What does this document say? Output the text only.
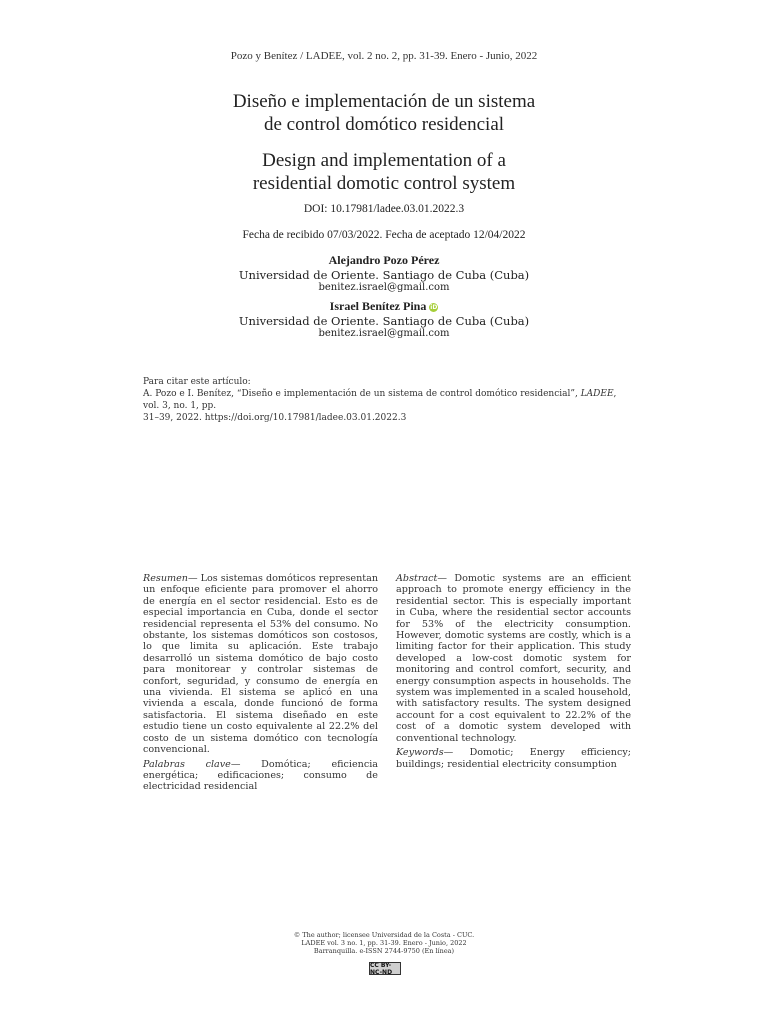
Pozo y Benítez / LADEE, vol. 2 no. 2, pp. 31-39. Enero - Junio, 2022
Diseño e implementación de un sistema
de control domótico residencial
Design and implementation of a
residential domotic control system
DOI: 10.17981/ladee.03.01.2022.3
Fecha de recibido 07/03/2022. Fecha de aceptado 12/04/2022
Alejandro Pozo Pérez
Universidad de Oriente. Santiago de Cuba (Cuba)
benitez.israel@gmail.com
Israel Benítez Pina iD
Universidad de Oriente. Santiago de Cuba (Cuba)
benitez.israel@gmail.com
Para citar este artículo:
A. Pozo e I. Benítez, “Diseño e implementación de un sistema de control domótico residencial”, LADEE, vol. 3, no. 1, pp.
31–39, 2022. https://doi.org/10.17981/ladee.03.01.2022.3

Resumen— Los sistemas domóticos representan un enfoque eficiente para promover el ahorro de energía en el sector residencial. Esto es de especial importancia en Cuba, donde el sector residencial representa el 53% del consumo. No obstante, los sistemas domóticos son costosos, lo que limita su aplicación. Este trabajo desarrolló un sistema domótico de bajo costo para monitorear y controlar sistemas de confort, seguridad, y consumo de energía en una vivienda. El sistema se aplicó en una vivienda a escala, donde funcionó de forma satisfactoria. El sistema diseñado en este estudio tiene un costo equivalente al 22.2% del costo de un sistema domótico con tecnología convencional.

Palabras clave— Domótica; eficiencia energética; edificaciones; consumo de electricidad residencial

Abstract— Domotic systems are an efficient approach to promote energy efficiency in the residential sector. This is especially important in Cuba, where the residential sector accounts for 53% of the electricity consumption. However, domotic systems are costly, which is a limiting factor for their application. This study developed a low-cost domotic system for monitoring and control comfort, security, and energy consumption aspects in households. The system was implemented in a scaled household, with satisfactory results. The system designed account for a cost equivalent to 22.2% of the cost of a domotic system developed with conventional technology.

Keywords— Domotic; Energy efficiency; buildings; residential electricity consumption

© The author; licensee Universidad de la Costa - CUC.
LADEE vol. 3 no. 1, pp. 31-39. Enero - Junio, 2022
Barranquilla. e-ISSN 2744-9750 (En línea)
CC BY-NC-ND
